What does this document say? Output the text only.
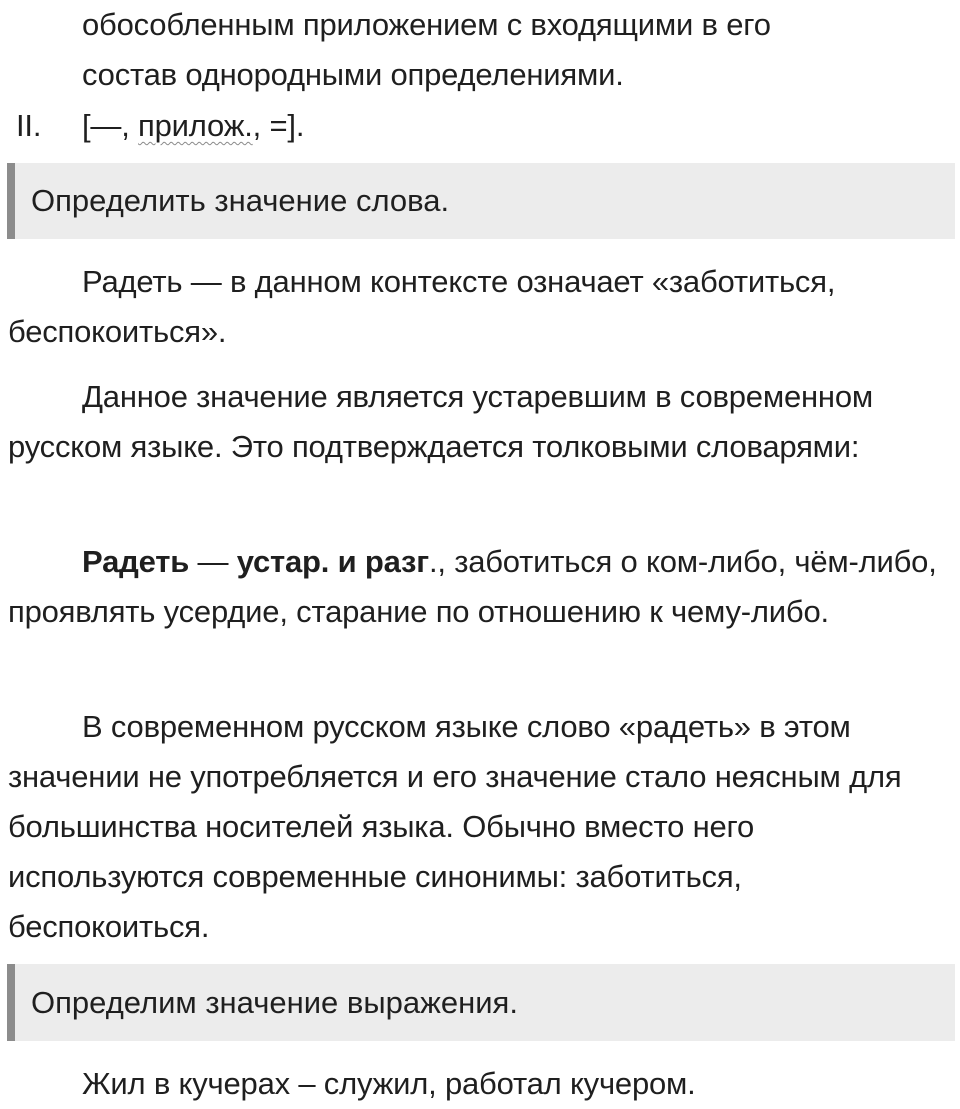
обособленным приложением с входящими в его
состав однородными определениями.
II. [—, прилож., =].
Определить значение слова.

Радеть — в данном контексте означает «заботиться, беспокоиться».

Данное значение является устаревшим в современном русском языке. Это подтверждается толковыми словарями:

Радеть — устар. и разг., заботиться о ком-либо, чём-либо, проявлять усердие, старание по отношению к чему-либо.

В современном русском языке слово «радеть» в этом значении не употребляется и его значение стало неясным для большинства носителей языка. Обычно вместо него используются современные синонимы: заботиться, беспокоиться.

Определим значение выражения.

Жил в кучерах – служил, работал кучером.
